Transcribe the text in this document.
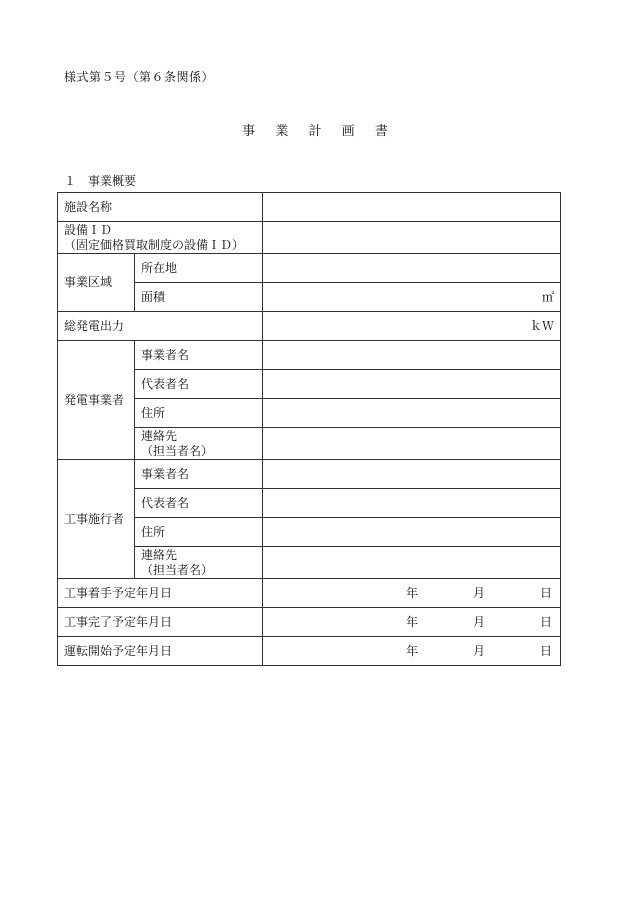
様式第５号（第６条関係）
事 業 計 画 書
１　事業概要
施設名称		

設備ＩＤ
（固定価格買取制度の設備ＩＤ）		

事業区域	所在地	
	面積	㎡
総発電出力		ｋＷ
発電事業者	事業者名	
	代表者名	
	住所	

	連絡先
（担当者名）	

工事施行者	事業者名	
	代表者名	
	住所	

	連絡先
（担当者名）	

工事着手予定年月日		年 月 日

工事完了予定年月日		年 月 日

運転開始予定年月日		年 月 日
